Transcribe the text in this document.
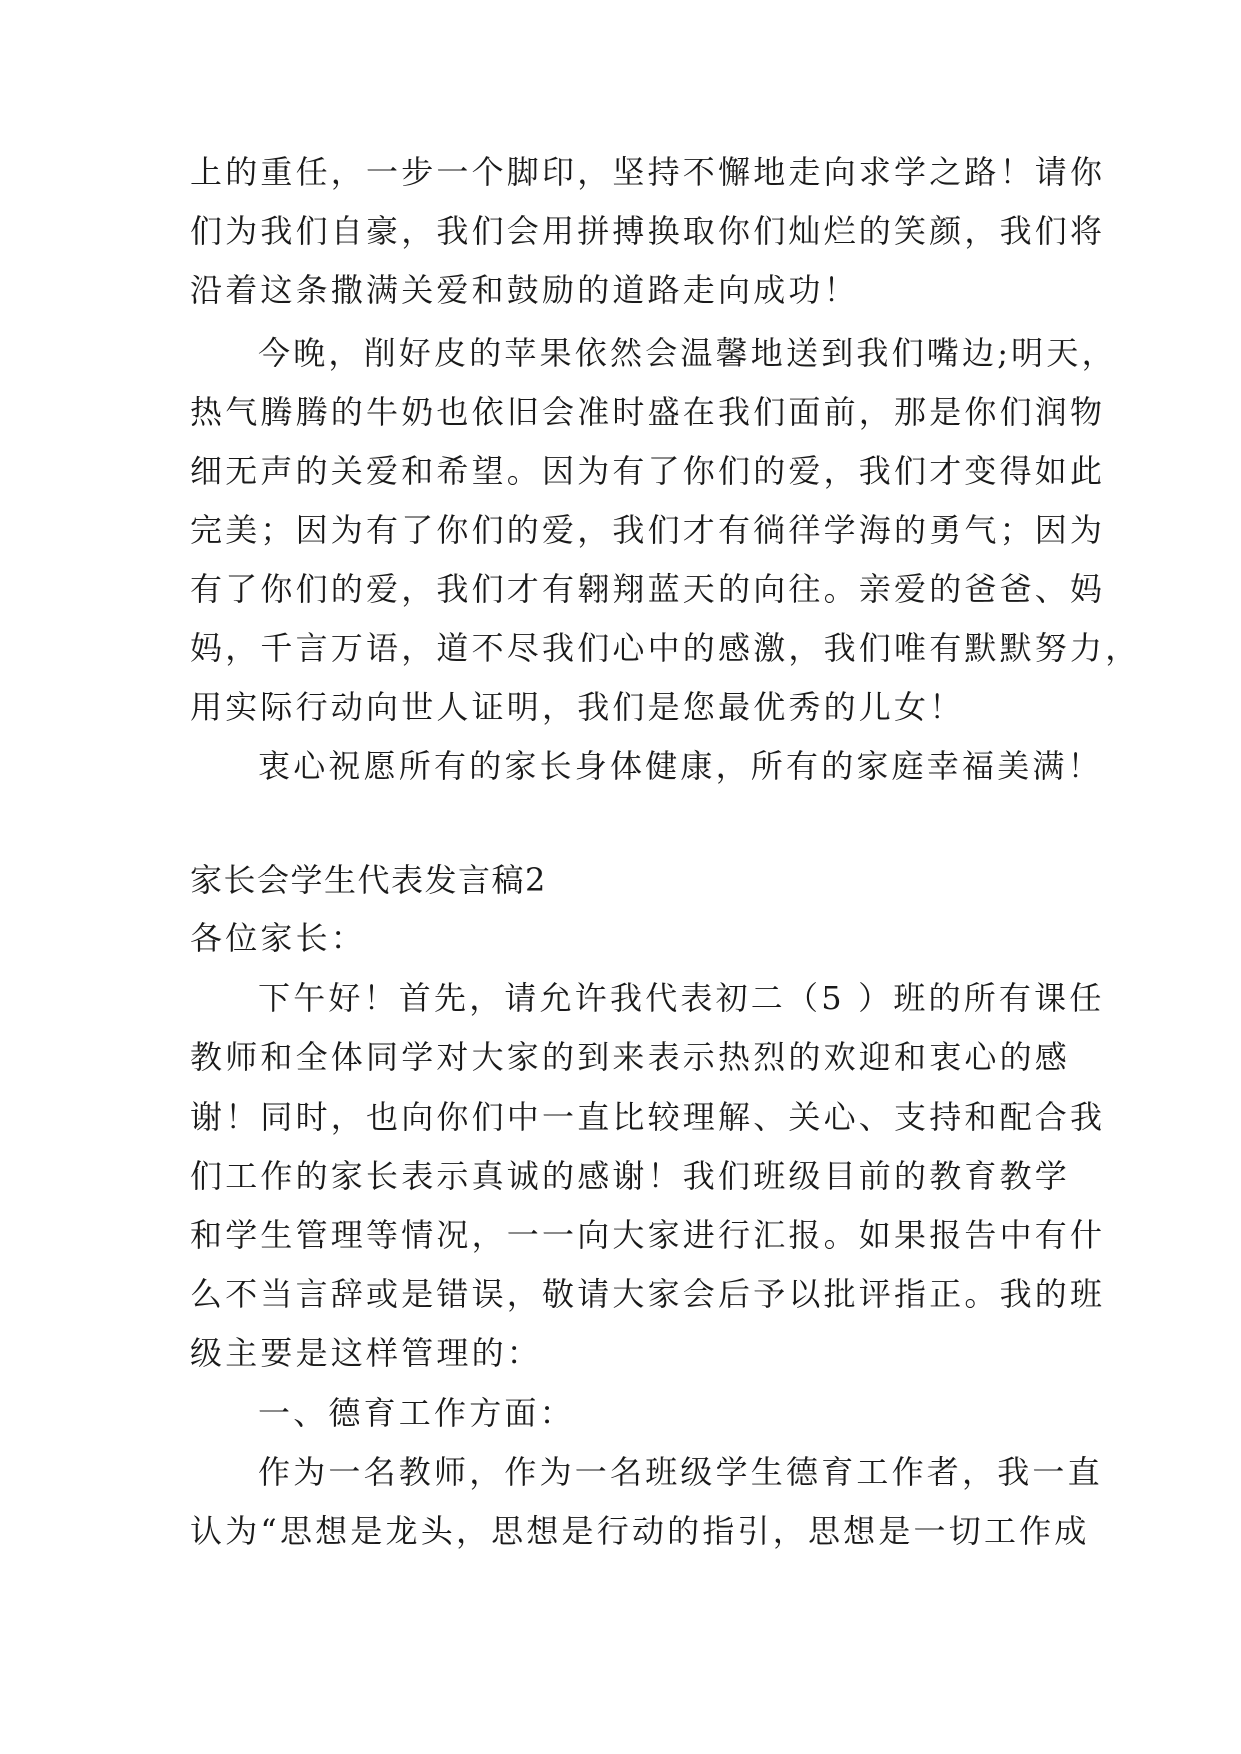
上的重任，一步一个脚印，坚持不懈地走向求学之路！请你
们为我们自豪，我们会用拼搏换取你们灿烂的笑颜，我们将
沿着这条撒满关爱和鼓励的道路走向成功！
今晚，削好皮的苹果依然会温馨地送到我们嘴边;明天，
热气腾腾的牛奶也依旧会准时盛在我们面前，那是你们润物
细无声的关爱和希望。因为有了你们的爱，我们才变得如此
完美；因为有了你们的爱，我们才有徜徉学海的勇气；因为
有了你们的爱，我们才有翱翔蓝天的向往。亲爱的爸爸、妈
妈，千言万语，道不尽我们心中的感激，我们唯有默默努力，
用实际行动向世人证明，我们是您最优秀的儿女！
衷心祝愿所有的家长身体健康，所有的家庭幸福美满！
家长会学生代表发言稿2
各位家长：
下午好！首先，请允许我代表初二（5 ）班的所有课任
教师和全体同学对大家的到来表示热烈的欢迎和衷心的感
谢！同时，也向你们中一直比较理解、关心、支持和配合我
们工作的家长表示真诚的感谢！我们班级目前的教育教学
和学生管理等情况，一一向大家进行汇报。如果报告中有什
么不当言辞或是错误，敬请大家会后予以批评指正。我的班
级主要是这样管理的：
一、德育工作方面：
作为一名教师，作为一名班级学生德育工作者，我一直
认为“思想是龙头，思想是行动的指引，思想是一切工作成
